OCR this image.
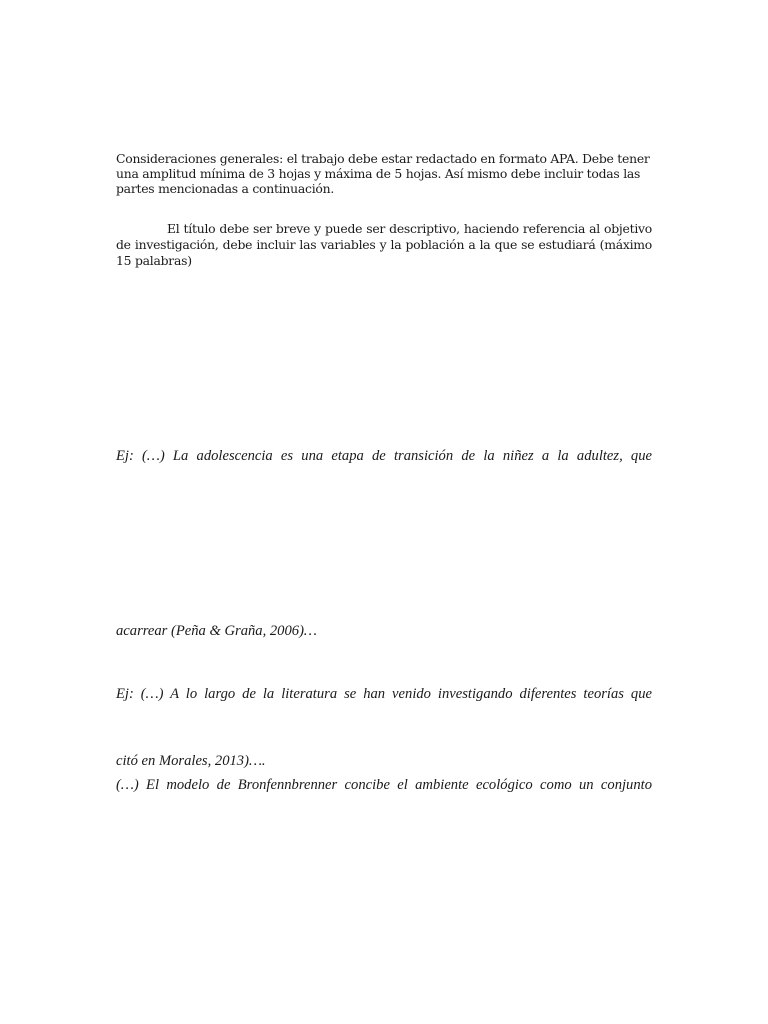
Consideraciones generales: el trabajo debe estar redactado en formato APA. Debe tener una amplitud mínima de 3 hojas y máxima de 5 hojas. Así mismo debe incluir todas las partes mencionadas a continuación.

El título debe ser breve y puede ser descriptivo, haciendo referencia al objetivo de investigación, debe incluir las variables y la población a la que se estudiará (máximo 15 palabras)

Ej: (…) La adolescencia es una etapa de transición de la niñez a la adultez, que

acarrear (Peña & Graña, 2006)…

Ej: (…) A lo largo de la literatura se han venido investigando diferentes teorías que

citó en Morales, 2013)….

(…) El modelo de Bronfennbrenner concibe el ambiente ecológico como un conjunto
